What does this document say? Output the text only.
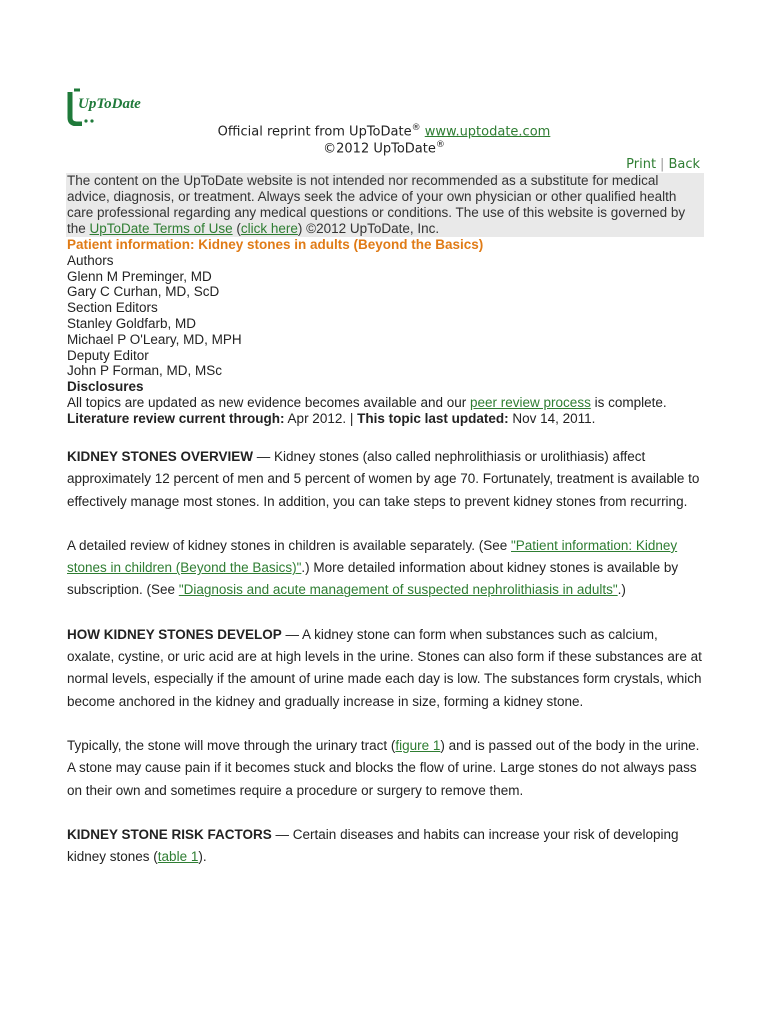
UpToDate
Official reprint from UpToDate® www.uptodate.com
©2012 UpToDate®
Print | Back
The content on the UpToDate website is not intended nor recommended as a substitute for medical advice, diagnosis, or treatment. Always seek the advice of your own physician or other qualified health care professional regarding any medical questions or conditions. The use of this website is governed by the UpToDate Terms of Use (click here) ©2012 UpToDate, Inc.
Patient information: Kidney stones in adults (Beyond the Basics)
Authors
Glenn M Preminger, MD
Gary C Curhan, MD, ScD
Section Editors
Stanley Goldfarb, MD
Michael P O'Leary, MD, MPH
Deputy Editor
John P Forman, MD, MSc
Disclosures
All topics are updated as new evidence becomes available and our peer review process is complete.
Literature review current through: Apr 2012. | This topic last updated: Nov 14, 2011.

KIDNEY STONES OVERVIEW — Kidney stones (also called nephrolithiasis or urolithiasis) affect approximately 12 percent of men and 5 percent of women by age 70. Fortunately, treatment is available to effectively manage most stones. In addition, you can take steps to prevent kidney stones from recurring.

A detailed review of kidney stones in children is available separately. (See "Patient information: Kidney stones in children (Beyond the Basics)".) More detailed information about kidney stones is available by subscription. (See "Diagnosis and acute management of suspected nephrolithiasis in adults".)

HOW KIDNEY STONES DEVELOP — A kidney stone can form when substances such as calcium, oxalate, cystine, or uric acid are at high levels in the urine. Stones can also form if these substances are at normal levels, especially if the amount of urine made each day is low. The substances form crystals, which become anchored in the kidney and gradually increase in size, forming a kidney stone.

Typically, the stone will move through the urinary tract (figure 1) and is passed out of the body in the urine. A stone may cause pain if it becomes stuck and blocks the flow of urine. Large stones do not always pass on their own and sometimes require a procedure or surgery to remove them.

KIDNEY STONE RISK FACTORS — Certain diseases and habits can increase your risk of developing kidney stones (table 1).
